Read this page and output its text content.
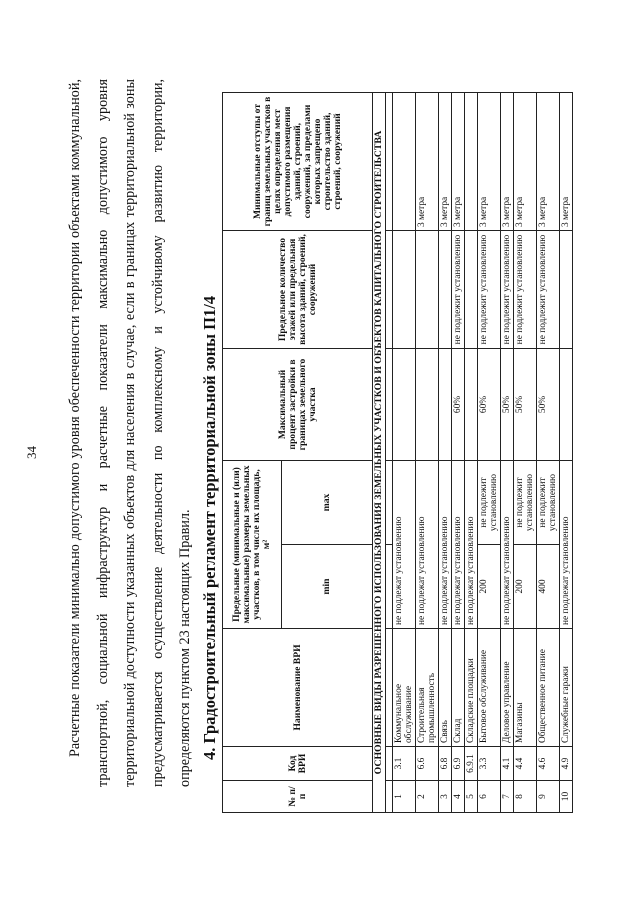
34	Расчетные показатели минимально допустимого уровня обеспеченности территории объектами коммунальной, транспортной, социальной инфраструктур и расчетные показатели максимально допустимого уровня территориальной доступности указанных объектов для населения в случае, если в границах территориальной зоны предусматривается осуществление деятельности по комплексному и устойчивому развитию территории, определяются пунктом 23 настоящих Правил. 4. Градостроительный регламент территориальной зоны П1/4
№ п/п	Код ВРИ	Наименование ВРИ	Предельные (минимальные и (или) максимальные) размеры земельных участков, в том числе их площадь, м²		Максимальный процент застройки в границах земельного участка	Предельное количество этажей или предельная высота зданий, строений, сооружений	Минимальные отступы от границ земельных участков в целях определения мест допустимого размещения зданий, строений, сооружений, за пределами которых запрещено строительство зданий, строений, сооружений
			min	max			
ОСНОВНЫЕ ВИДЫ РАЗРЕШЕННОГО ИСПОЛЬЗОВАНИЯ ЗЕМЕЛЬНЫХ УЧАСТКОВ И ОБЪЕКТОВ КАПИТАЛЬНОГО СТРОИТЕЛЬСТВА							

1	3.1	Коммунальное обслуживание	не подлежат установлению				
2	6.6	Строительная промышленность	не подлежат установлению				3 метра
3	6.8	Связь	не подлежат установлению				3 метра
4	6.9	Склад	не подлежат установлению		60%	не подлежит установлению	3 метра
5	6.9.1	Складские площадки	не подлежат установлению				
6	3.3	Бытовое обслуживание	200	не подлежит установлению	60%	не подлежит установлению	3 метра
7	4.1	Деловое управление	не подлежат установлению		50%	не подлежит установлению	3 метра
8	4.4	Магазины	200	не подлежит установлению	50%	не подлежит установлению	3 метра
9	4.6	Общественное питание	400	не подлежит установлению	50%	не подлежит установлению	3 метра
10	4.9	Служебные гаражи	не подлежат установлению				3 метра
